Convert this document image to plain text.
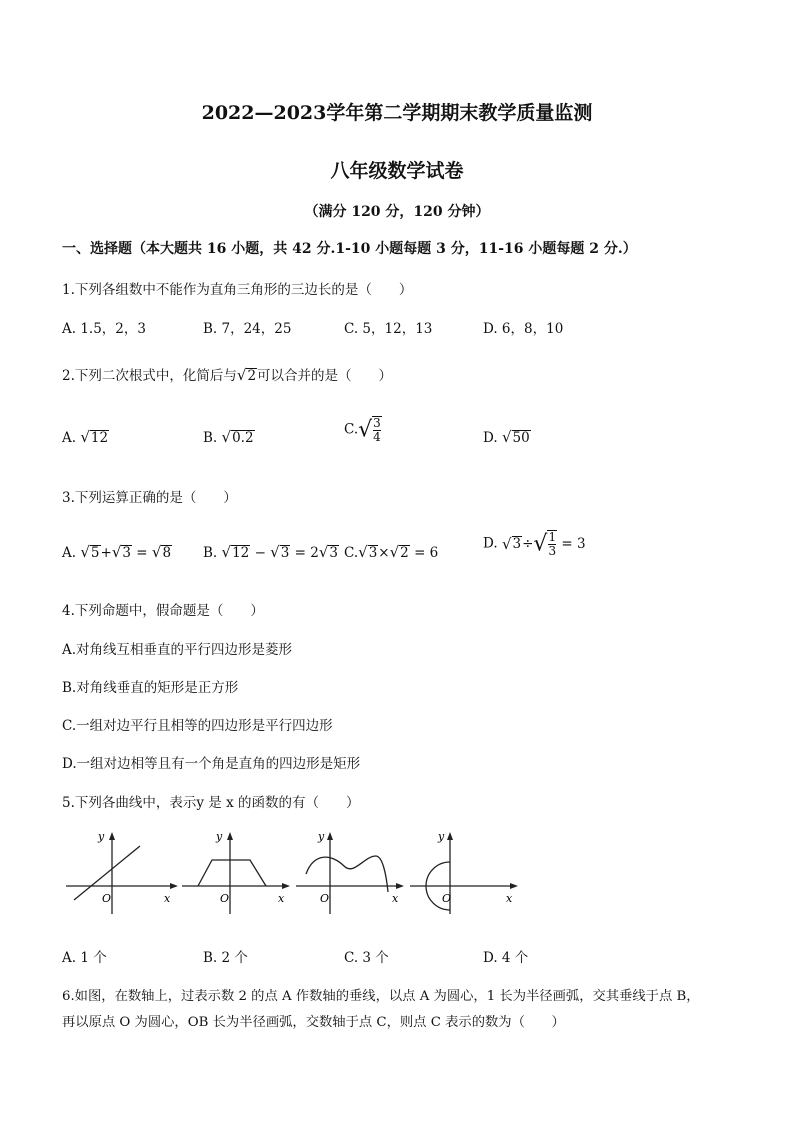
2022—2023学年第二学期期末教学质量监测
八年级数学试卷
（满分 120 分，120 分钟）
一、选择题（本大题共 16 小题，共 42 分.1-10 小题每题 3 分，11-16 小题每题 2 分.）
1.下列各组数中不能作为直角三角形的三边长的是（　　）
A. 1.5，2，3	B. 7，24，25	C. 5，12，13	D. 6，8，10
2.下列二次根式中，化简后与√2可以合并的是（　　）
A. √12	B. √0.2
$C.√ \frac{3}{4}$	D. √50
3.下列运算正确的是（　　）
A. √5+√3 = √8 B. √12 − √3 = 2√3 C.√3×√2 = 6
D. $√3\div√ \frac{1}{3} = 3$
4.下列命题中，假命题是（　　）
A.对角线互相垂直的平行四边形是菱形
B.对角线垂直的矩形是正方形
C.一组对边平行且相等的四边形是平行四边形
D.一组对边相等且有一个角是直角的四边形是矩形
5.下列各曲线中，表示y 是 x 的函数的有（　　）
y
O	x
y
O	x
y
O	x
y
O	x
A. 1 个	B. 2 个	C. 3 个	D. 4 个
6.如图，在数轴上，过表示数 2 的点 A 作数轴的垂线，以点 A 为圆心，1 长为半径画弧，交其垂线于点 B，
再以原点 O 为圆心，OB 长为半径画弧，交数轴于点 C，则点 C 表示的数为（　　）
